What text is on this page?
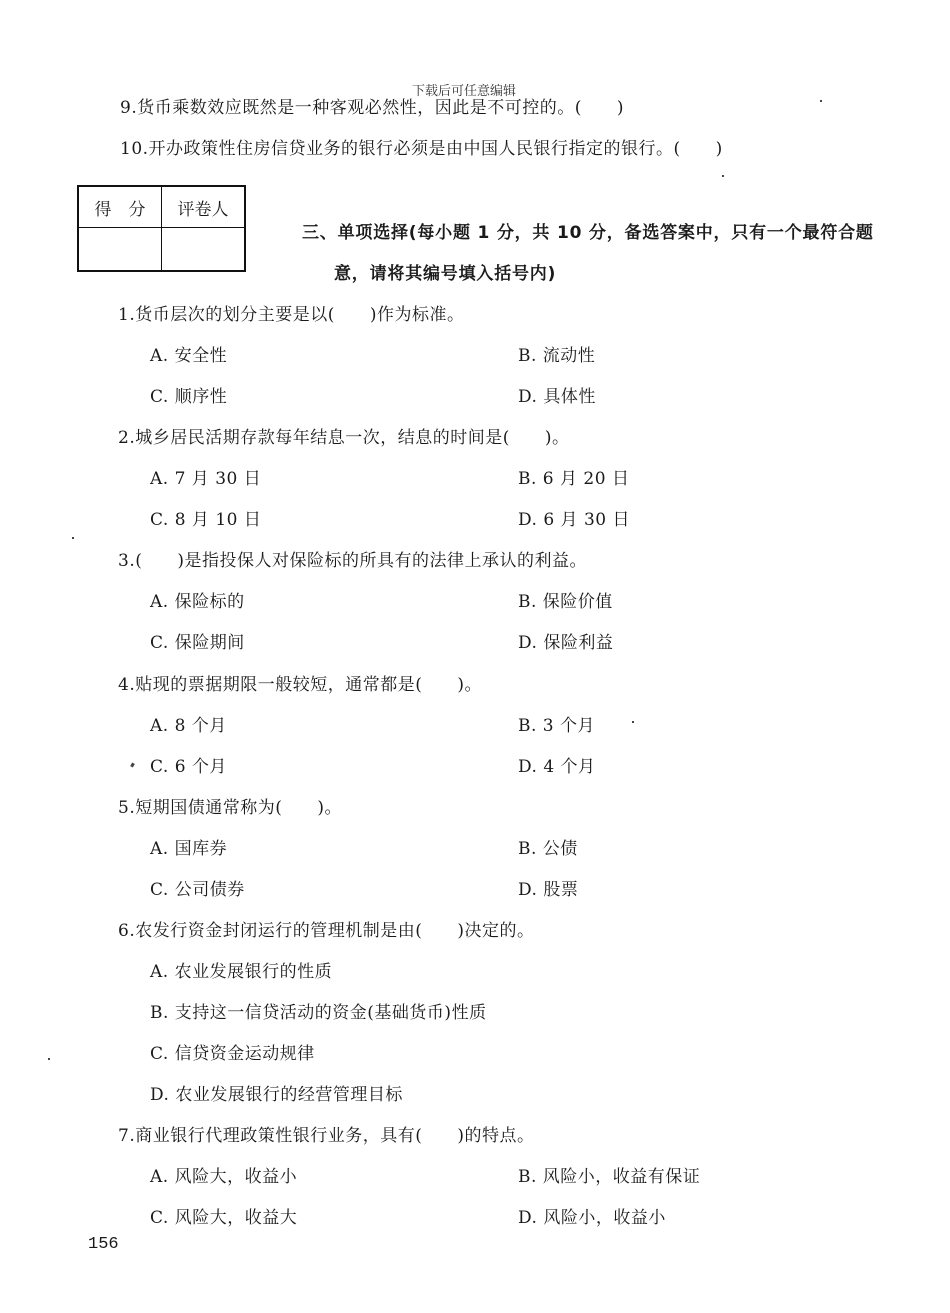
下载后可任意编辑
9.货币乘数效应既然是一种客观必然性，因此是不可控的。(　　)
10.开办政策性住房信贷业务的银行必须是由中国人民银行指定的银行。(　　)
得　分	评卷人

三、单项选择(每小题 1 分，共 10 分，备选答案中，只有一个最符合题
意，请将其编号填入括号内)
1.货币层次的划分主要是以(　　)作为标准。
A. 安全性	B. 流动性
C. 顺序性	D. 具体性
2.城乡居民活期存款每年结息一次，结息的时间是(　　)。
A. 7 月 30 日	B. 6 月 20 日
C. 8 月 10 日	D. 6 月 30 日
3.(　　)是指投保人对保险标的所具有的法律上承认的利益。
A. 保险标的	B. 保险价值
C. 保险期间	D. 保险利益
4.贴现的票据期限一般较短，通常都是(　　)。
A. 8 个月	B. 3 个月
C. 6 个月	D. 4 个月
5.短期国债通常称为(　　)。
A. 国库券	B. 公债
C. 公司债券	D. 股票
6.农发行资金封闭运行的管理机制是由(　　)决定的。
A. 农业发展银行的性质
B. 支持这一信贷活动的资金(基础货币)性质
C. 信贷资金运动规律
D. 农业发展银行的经营管理目标
7.商业银行代理政策性银行业务，具有(　　)的特点。
A. 风险大，收益小	B. 风险小，收益有保证
C. 风险大，收益大	D. 风险小，收益小
156
